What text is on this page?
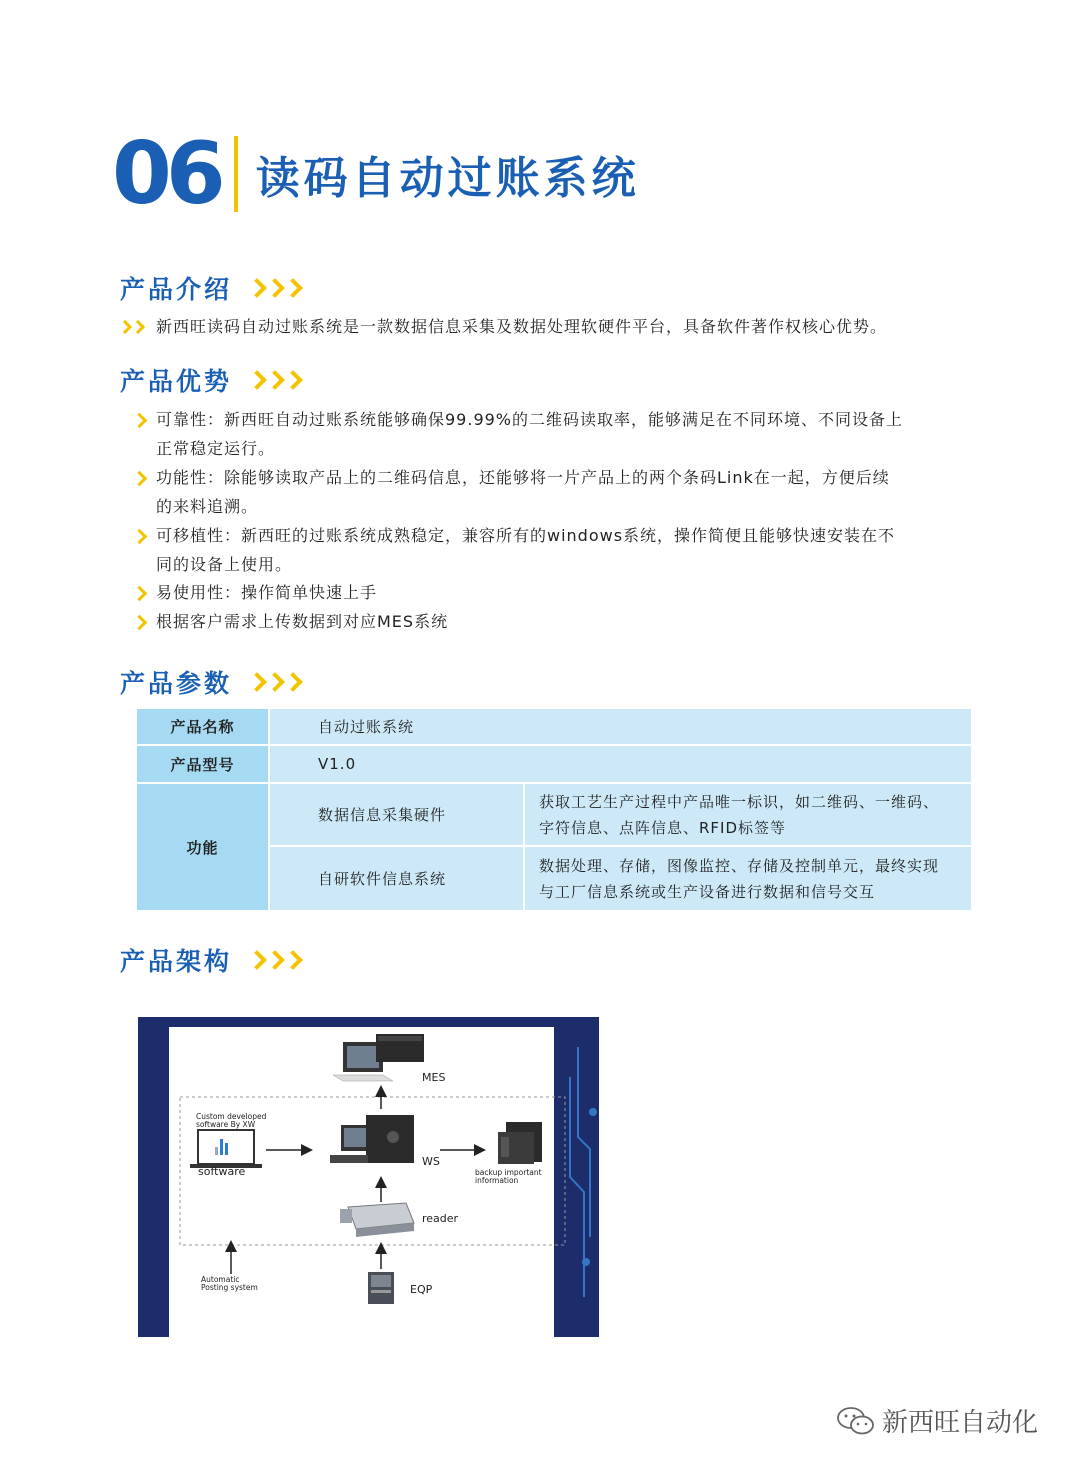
06 读码自动过账系统
产品介绍
新西旺读码自动过账系统是一款数据信息采集及数据处理软硬件平台，具备软件著作权核心优势。
产品优势
可靠性：新西旺自动过账系统能够确保99.99%的二维码读取率，能够满足在不同环境、不同设备上
正常稳定运行。
功能性：除能够读取产品上的二维码信息，还能够将一片产品上的两个条码Link在一起，方便后续
的来料追溯。
可移植性：新西旺的过账系统成熟稳定，兼容所有的windows系统，操作简便且能够快速安装在不
同的设备上使用。
易使用性：操作简单快速上手
根据客户需求上传数据到对应MES系统
产品参数
产品名称	自动过账系统	
产品型号	V1.0	
功能	数据信息采集硬件	获取工艺生产过程中产品唯一标识，如二维码、一维码、
字符信息、点阵信息、RFID标签等

	自研软件信息系统	数据处理、存储，图像监控、存储及控制单元，最终实现
与工厂信息系统或生产设备进行数据和信号交互
产品架构
MES
WS
Custom developed
software By XW
software	backup important
information
reader
EQP
Automatic
Posting system
新西旺自动化
